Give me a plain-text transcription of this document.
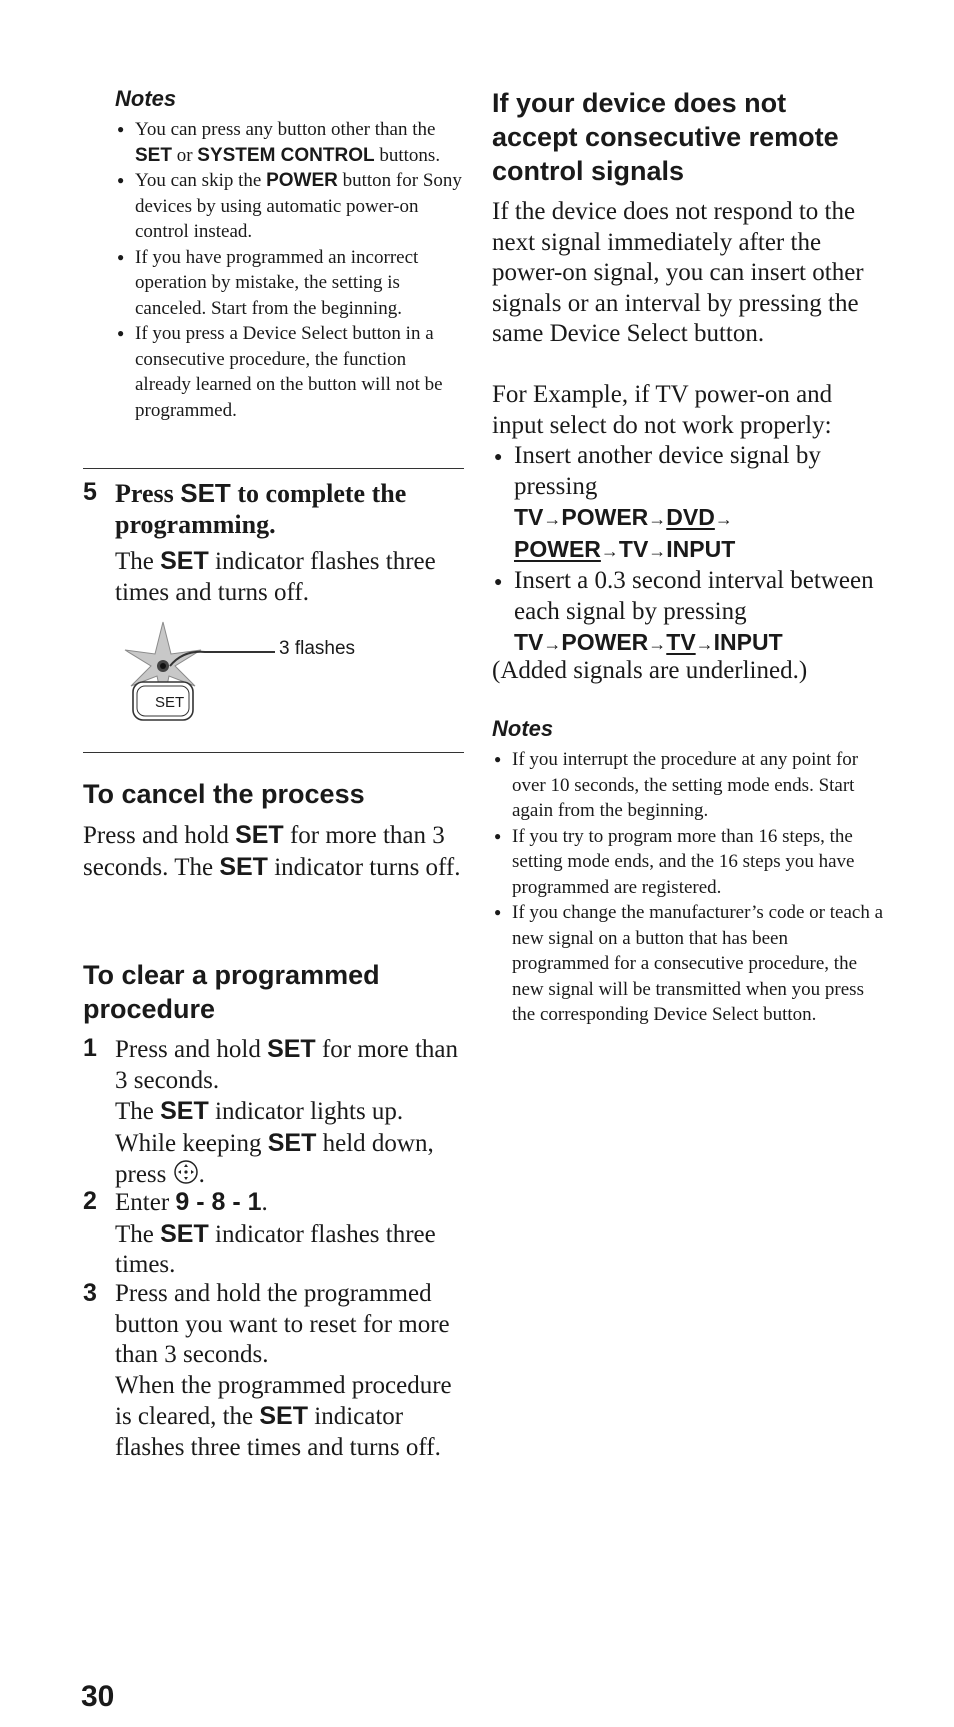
Notes
● You can press any button other than the SET or SYSTEM CONTROL buttons.
● You can skip the POWER button for Sony devices by using automatic power-on control instead.
● If you have programmed an incorrect operation by mistake, the setting is canceled. Start from the beginning.
● If you press a Device Select button in a consecutive procedure, the function already learned on the button will not be programmed.
5 Press SET to complete the programming.
The SET indicator flashes three times and turns off.
SET
3 flashes
To cancel the process
Press and hold SET for more than 3 seconds. The SET indicator turns off.
To clear a programmed procedure
1 Press and hold SET for more than 3 seconds.
The SET indicator lights up.
While keeping SET held down,
press .
2 Enter 9 - 8 - 1.
The SET indicator flashes three times.
3 Press and hold the programmed button you want to reset for more than 3 seconds.
When the programmed procedure is cleared, the SET indicator flashes three times and turns off.
If your device does not accept consecutive remote control signals
If the device does not respond to the next signal immediately after the power-on signal, you can insert other signals or an interval by pressing the same Device Select button.
For Example, if TV power-on and input select do not work properly:
● Insert another device signal by pressing
TV→POWER→DVD→
POWER→TV→INPUT
● Insert a 0.3 second interval between each signal by pressing
TV→POWER→TV→INPUT
(Added signals are underlined.)
Notes
● If you interrupt the procedure at any point for over 10 seconds, the setting mode ends. Start again from the beginning.
● If you try to program more than 16 steps, the setting mode ends, and the 16 steps you have programmed are registered.
● If you change the manufacturer’s code or teach a new signal on a button that has been programmed for a consecutive procedure, the new signal will be transmitted when you press the corresponding Device Select button.
30
